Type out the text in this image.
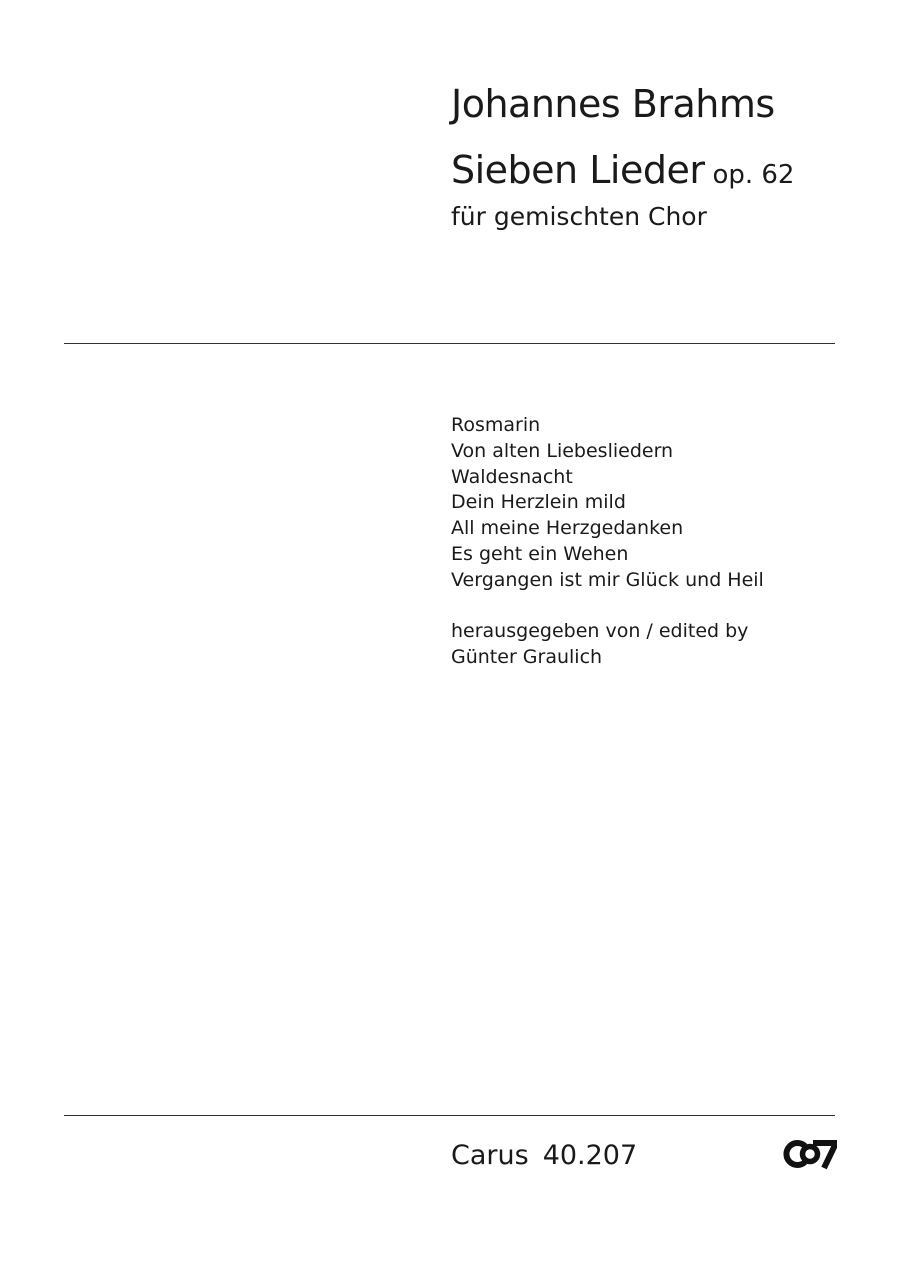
Johannes Brahms
Sieben Lieder op. 62
für gemischten Chor
Rosmarin
Von alten Liebesliedern
Waldesnacht
Dein Herzlein mild
All meine Herzgedanken
Es geht ein Wehen
Vergangen ist mir Glück und Heil
herausgegeben von / edited by
Günter Graulich
Carus 40.207
